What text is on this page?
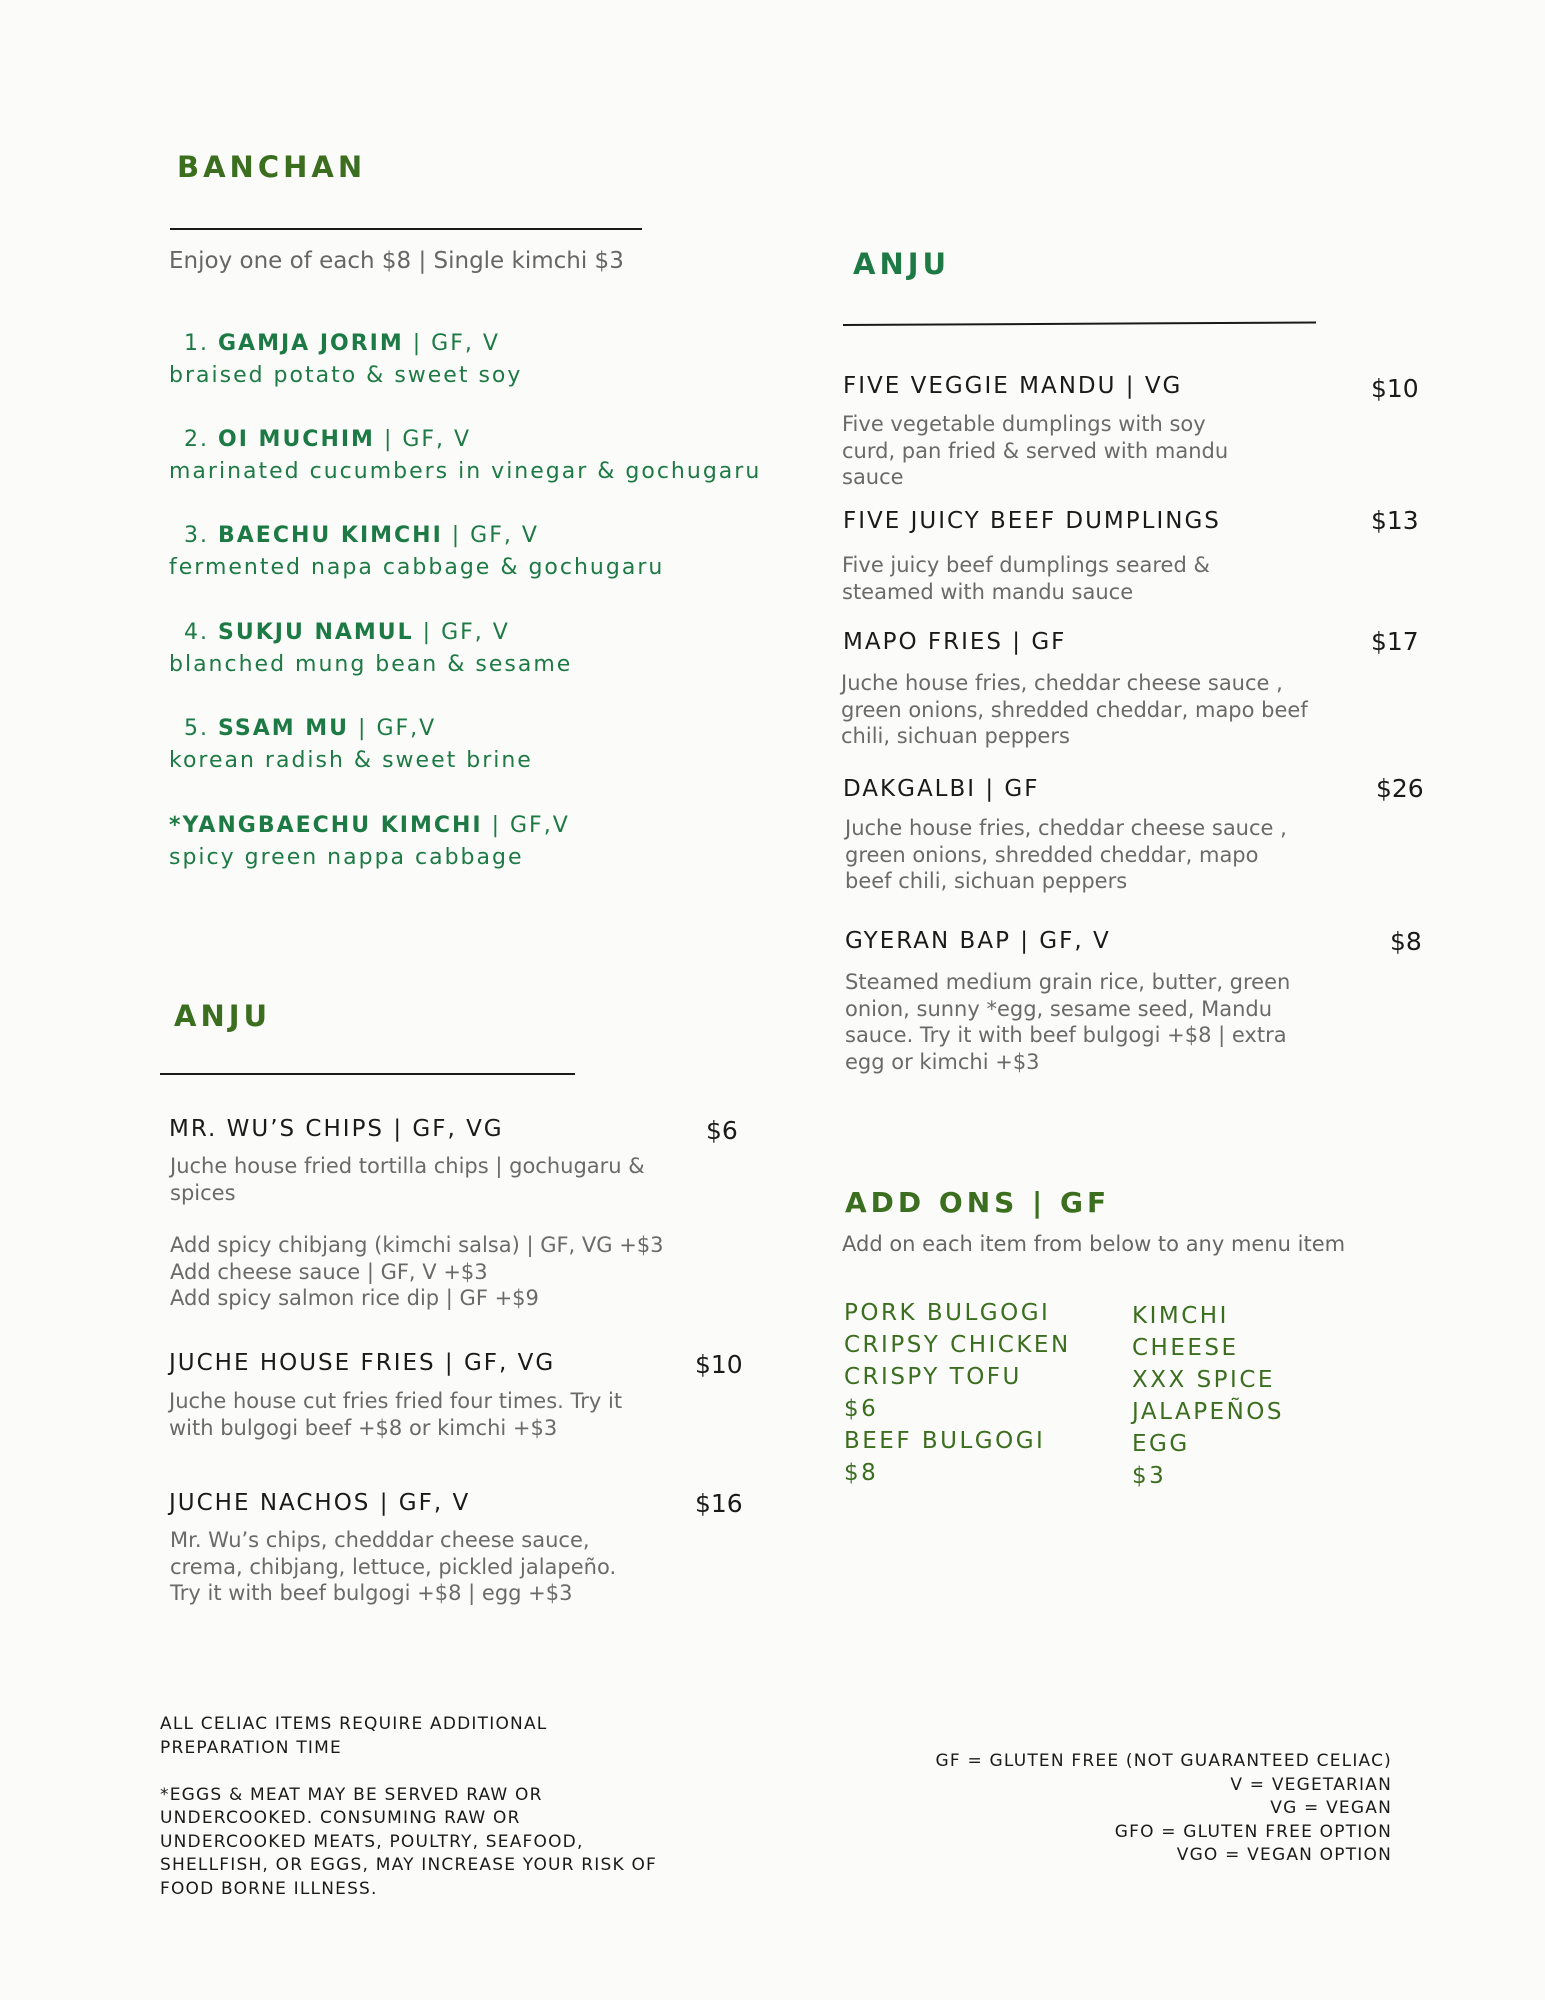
BANCHAN
Enjoy one of each $8 | Single kimchi $3
1. GAMJA JORIM | GF, V
braised potato & sweet soy
2. OI MUCHIM | GF, V
marinated cucumbers in vinegar & gochugaru
3. BAECHU KIMCHI | GF, V
fermented napa cabbage & gochugaru
4. SUKJU NAMUL | GF, V
blanched mung bean & sesame
5. SSAM MU | GF,V
korean radish & sweet brine
*YANGBAECHU KIMCHI | GF,V
spicy green nappa cabbage
ANJU
MR. WU’S CHIPS | GF, VG	$6
Juche house fried tortilla chips | gochugaru &
spices
Add spicy chibjang (kimchi salsa) | GF, VG +$3
Add cheese sauce | GF, V +$3
Add spicy salmon rice dip | GF +$9
JUCHE HOUSE FRIES | GF, VG	$10
Juche house cut fries fried four times. Try it
with bulgogi beef +$8 or kimchi +$3
JUCHE NACHOS | GF, V	$16
Mr. Wu’s chips, chedddar cheese sauce,
crema, chibjang, lettuce, pickled jalapeño.
Try it with beef bulgogi +$8 | egg +$3
ANJU
FIVE VEGGIE MANDU | VG	$10
Five vegetable dumplings with soy
curd, pan fried & served with mandu
sauce
FIVE JUICY BEEF DUMPLINGS	$13
Five juicy beef dumplings seared &
steamed with mandu sauce
MAPO FRIES | GF	$17
Juche house fries, cheddar cheese sauce ,
green onions, shredded cheddar, mapo beef
chili, sichuan peppers
DAKGALBI | GF	$26
Juche house fries, cheddar cheese sauce ,
green onions, shredded cheddar, mapo
beef chili, sichuan peppers
GYERAN BAP | GF, V	$8
Steamed medium grain rice, butter, green
onion, sunny *egg, sesame seed, Mandu
sauce. Try it with beef bulgogi +$8 | extra
egg or kimchi +$3
ADD ONS | GF
Add on each item from below to any menu item
PORK BULGOGI
CRIPSY CHICKEN
CRISPY TOFU
$6
BEEF BULGOGI
$8
KIMCHI
CHEESE
XXX SPICE
JALAPEÑOS
EGG
$3
ALL CELIAC ITEMS REQUIRE ADDITIONAL
PREPARATION TIME
*EGGS & MEAT MAY BE SERVED RAW OR
UNDERCOOKED. CONSUMING RAW OR
UNDERCOOKED MEATS, POULTRY, SEAFOOD,
SHELLFISH, OR EGGS, MAY INCREASE YOUR RISK OF
FOOD BORNE ILLNESS.
GF = GLUTEN FREE (NOT GUARANTEED CELIAC)
V = VEGETARIAN
VG = VEGAN
GFO = GLUTEN FREE OPTION
VGO = VEGAN OPTION
